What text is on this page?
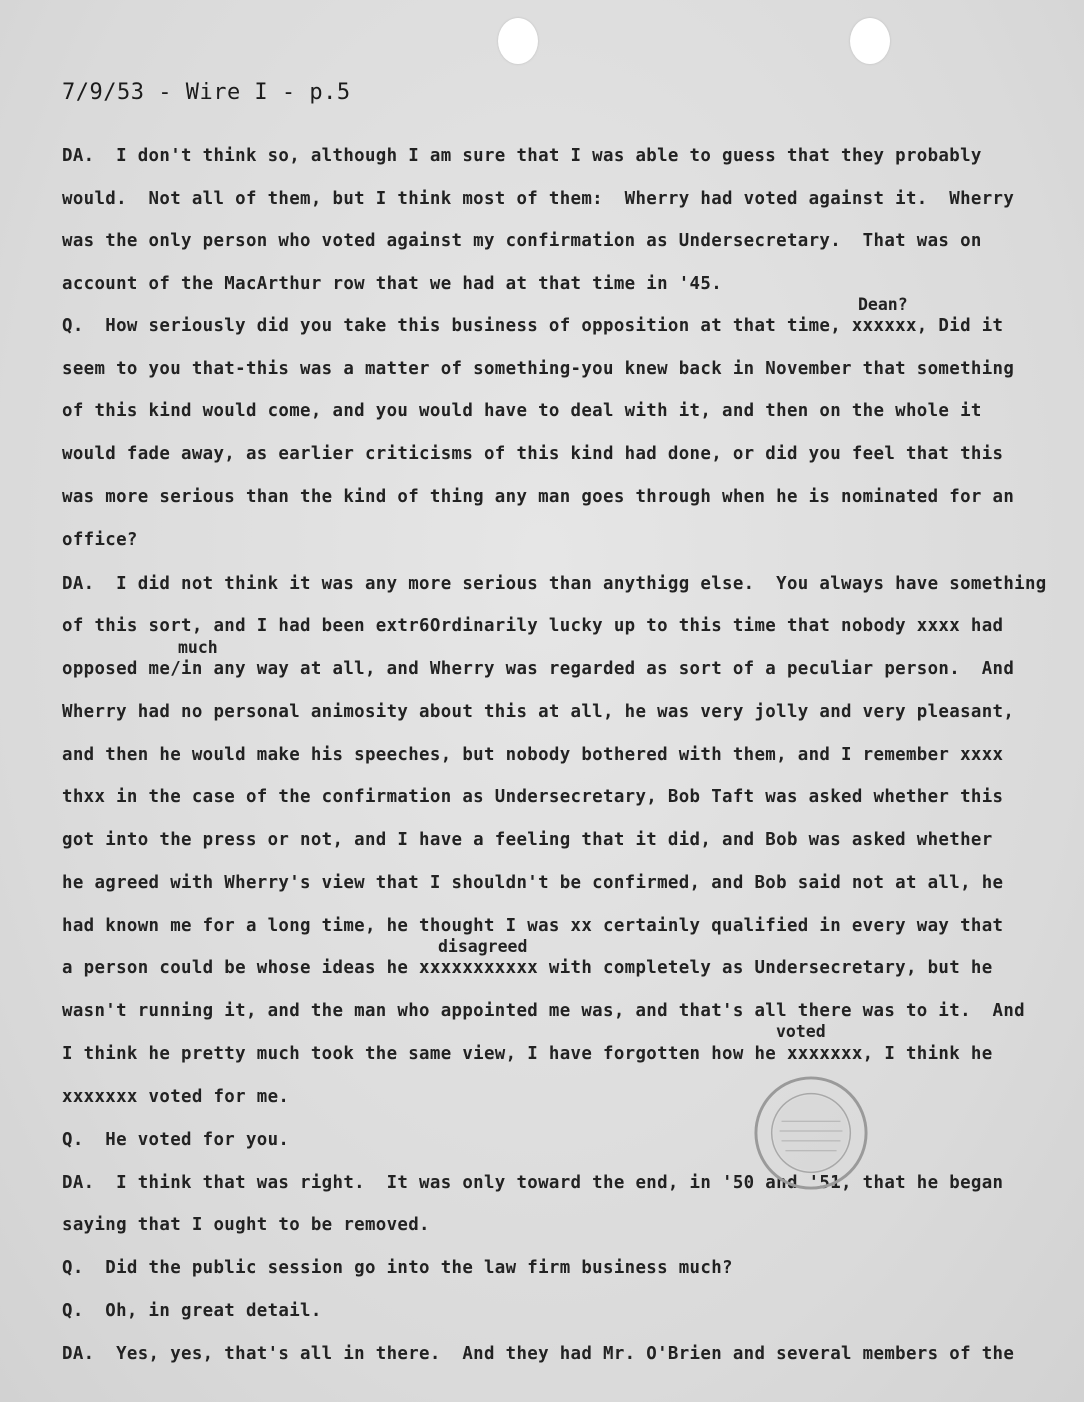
7/9/53 - Wire I - p.5
DA.  I don't think so, although I am sure that I was able to guess that they probably
would.  Not all of them, but I think most of them:  Wherry had voted against it.  Wherry
was the only person who voted against my confirmation as Undersecretary.  That was on
account of the MacArthur row that we had at that time in '45.
Dean?
Q.  How seriously did you take this business of opposition at that time, xxxxxx, Did it
seem to you that-this was a matter of something-you knew back in November that something
of this kind would come, and you would have to deal with it, and then on the whole it
would fade away, as earlier criticisms of this kind had done, or did you feel that this
was more serious than the kind of thing any man goes through when he is nominated for an
office?
DA.  I did not think it was any more serious than anythigg else.  You always have something
of this sort, and I had been extr6Ordinarily lucky up to this time that nobody xxxx had
much
opposed me/in any way at all, and Wherry was regarded as sort of a peculiar person.  And
Wherry had no personal animosity about this at all, he was very jolly and very pleasant,
and then he would make his speeches, but nobody bothered with them, and I remember xxxx
thxx in the case of the confirmation as Undersecretary, Bob Taft was asked whether this
got into the press or not, and I have a feeling that it did, and Bob was asked whether
he agreed with Wherry's view that I shouldn't be confirmed, and Bob said not at all, he
had known me for a long time, he thought I was xx certainly qualified in every way that
disagreed
a person could be whose ideas he xxxxxxxxxxx with completely as Undersecretary, but he
wasn't running it, and the man who appointed me was, and that's all there was to it.  And
voted
I think he pretty much took the same view, I have forgotten how he xxxxxxx, I think he
xxxxxxx voted for me.
Q.  He voted for you.
DA.  I think that was right.  It was only toward the end, in '50 and '51, that he began
saying that I ought to be removed.
Q.  Did the public session go into the law firm business much?
Q.  Oh, in great detail.
DA.  Yes, yes, that's all in there.  And they had Mr. O'Brien and several members of the
